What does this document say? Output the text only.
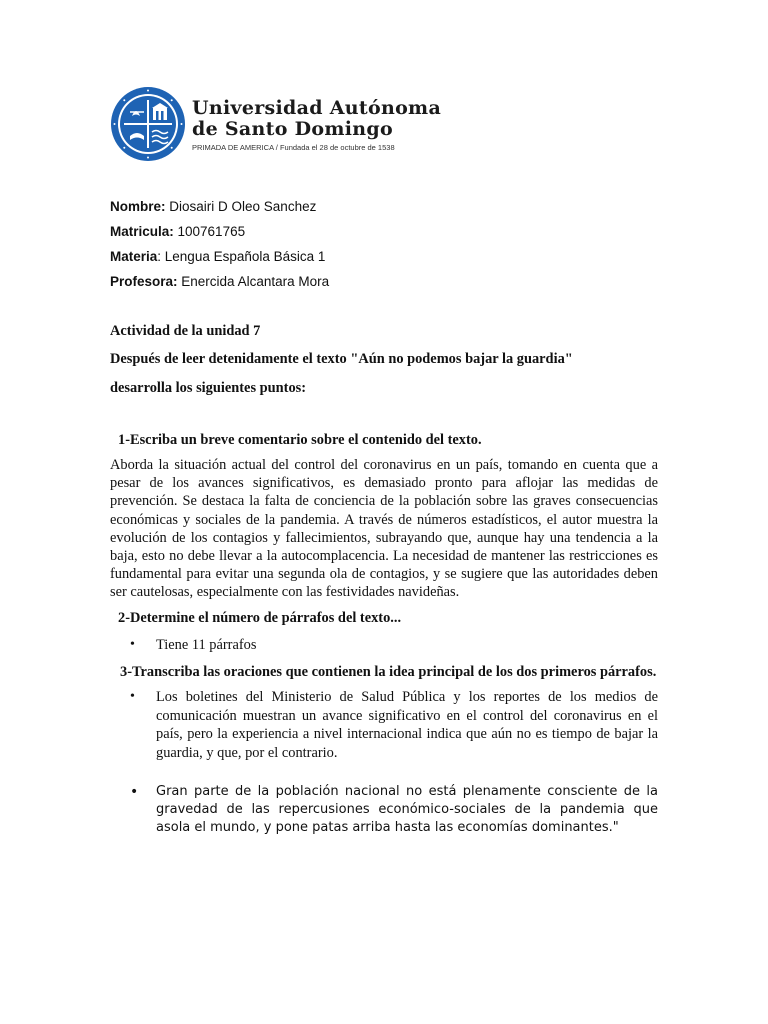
Universidad Autónoma
de Santo Domingo
PRIMADA DE AMERICA / Fundada el 28 de octubre de 1538
Nombre: Diosairi D Oleo Sanchez
Matricula: 100761765
Materia: Lengua Española Básica 1
Profesora: Enercida Alcantara Mora
Actividad de la unidad 7
Después de leer detenidamente el texto "Aún no podemos bajar la guardia"
desarrolla los siguientes puntos:
1-Escriba un breve comentario sobre el contenido del texto.

Aborda la situación actual del control del coronavirus en un país, tomando en cuenta que a pesar de los avances significativos, es demasiado pronto para aflojar las medidas de prevención. Se destaca la falta de conciencia de la población sobre las graves consecuencias económicas y sociales de la pandemia. A través de números estadísticos, el autor muestra la evolución de los contagios y fallecimientos, subrayando que, aunque hay una tendencia a la baja, esto no debe llevar a la autocomplacencia. La necesidad de mantener las restricciones es fundamental para evitar una segunda ola de contagios, y se sugiere que las autoridades deben ser cautelosas, especialmente con las festividades navideñas.

2-Determine el número de párrafos del texto...
• Tiene 11 párrafos
3-Transcriba las oraciones que contienen la idea principal de los dos primeros párrafos.
• Los boletines del Ministerio de Salud Pública y los reportes de los medios de comunicación muestran un avance significativo en el control del coronavirus en el país, pero la experiencia a nivel internacional indica que aún no es tiempo de bajar la guardia, y que, por el contrario.
• Gran parte de la población nacional no está plenamente consciente de la gravedad de las repercusiones económico-sociales de la pandemia que asola el mundo, y pone patas arriba hasta las economías dominantes."
